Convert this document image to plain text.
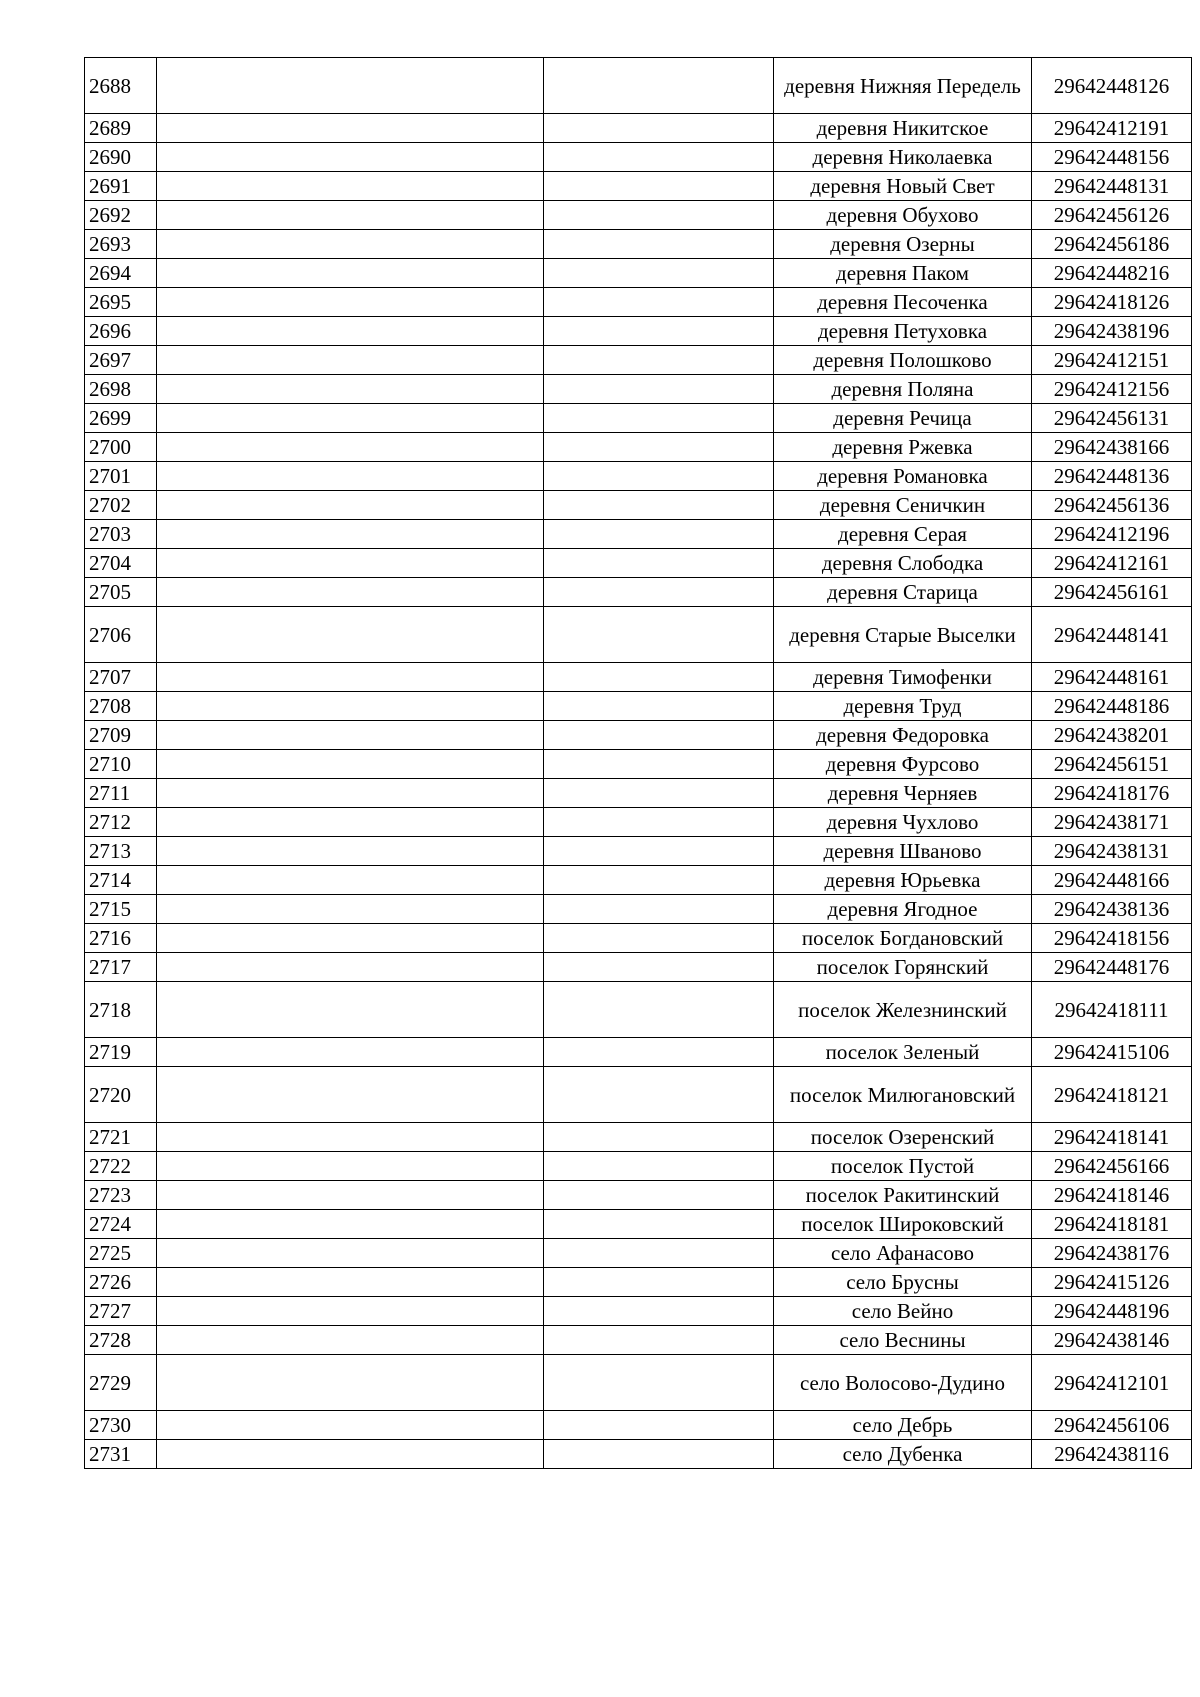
2688			деревня Нижняя Передель	29642448126
2689			деревня Никитское	29642412191
2690			деревня Николаевка	29642448156
2691			деревня Новый Свет	29642448131
2692			деревня Обухово	29642456126
2693			деревня Озерны	29642456186
2694			деревня Паком	29642448216
2695			деревня Песоченка	29642418126
2696			деревня Петуховка	29642438196
2697			деревня Полошково	29642412151
2698			деревня Поляна	29642412156
2699			деревня Речица	29642456131
2700			деревня Ржевка	29642438166
2701			деревня Романовка	29642448136
2702			деревня Сеничкин	29642456136
2703			деревня Серая	29642412196
2704			деревня Слободка	29642412161
2705			деревня Старица	29642456161
2706			деревня Старые Выселки	29642448141
2707			деревня Тимофенки	29642448161
2708			деревня Труд	29642448186
2709			деревня Федоровка	29642438201
2710			деревня Фурсово	29642456151
2711			деревня Черняев	29642418176
2712			деревня Чухлово	29642438171
2713			деревня Шваново	29642438131
2714			деревня Юрьевка	29642448166
2715			деревня Ягодное	29642438136
2716			поселок Богдановский	29642418156
2717			поселок Горянский	29642448176
2718			поселок Железнинский	29642418111
2719			поселок Зеленый	29642415106
2720			поселок Милюгановский	29642418121
2721			поселок Озеренский	29642418141
2722			поселок Пустой	29642456166
2723			поселок Ракитинский	29642418146
2724			поселок Широковский	29642418181
2725			село Афанасово	29642438176
2726			село Брусны	29642415126
2727			село Вейно	29642448196
2728			село Веснины	29642438146
2729			село Волосово-Дудино	29642412101
2730			село Дебрь	29642456106
2731			село Дубенка	29642438116
